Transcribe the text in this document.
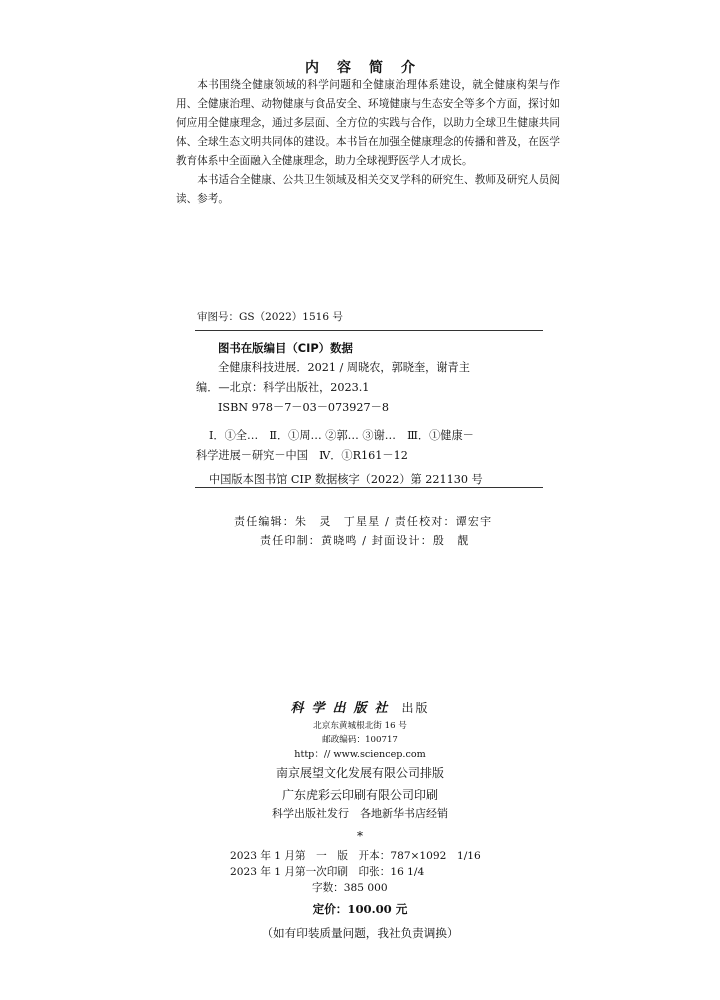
内容简介

本书围绕全健康领域的科学问题和全健康治理体系建设，就全健康构架与作用、全健康治理、动物健康与食品安全、环境健康与生态安全等多个方面，探讨如何应用全健康理念，通过多层面、全方位的实践与合作，以助力全球卫生健康共同体、全球生态文明共同体的建设。本书旨在加强全健康理念的传播和普及，在医学教育体系中全面融入全健康理念，助力全球视野医学人才成长。

本书适合全健康、公共卫生领域及相关交叉学科的研究生、教师及研究人员阅读、参考。

审图号：GS（2022）1516 号
图书在版编目（CIP）数据
全健康科技进展．2021 / 周晓农，郭晓奎，谢青主
编．—北京：科学出版社，2023.1
ISBN 978－7－03－073927－8
Ⅰ．①全…　Ⅱ．①周… ②郭… ③谢…　Ⅲ．①健康－
科学进展－研究－中国　Ⅳ．①R161－12
中国版本图书馆 CIP 数据核字（2022）第 221130 号
责任编辑：朱　灵　丁星星 / 责任校对：谭宏宇
责任印制：黄晓鸣 / 封面设计：殷　靓
科学出版社 出版
北京东黄城根北街 16 号
邮政编码：100717
http：// www.sciencep.com
南京展望文化发展有限公司排版
广东虎彩云印刷有限公司印刷
科学出版社发行　各地新华书店经销
*
2023 年 1 月第　一　版　开本：787×1092　1/16
2023 年 1 月第一次印刷　印张：16 1/4
字数：385 000
定价：100.00 元
（如有印装质量问题，我社负责调换）
